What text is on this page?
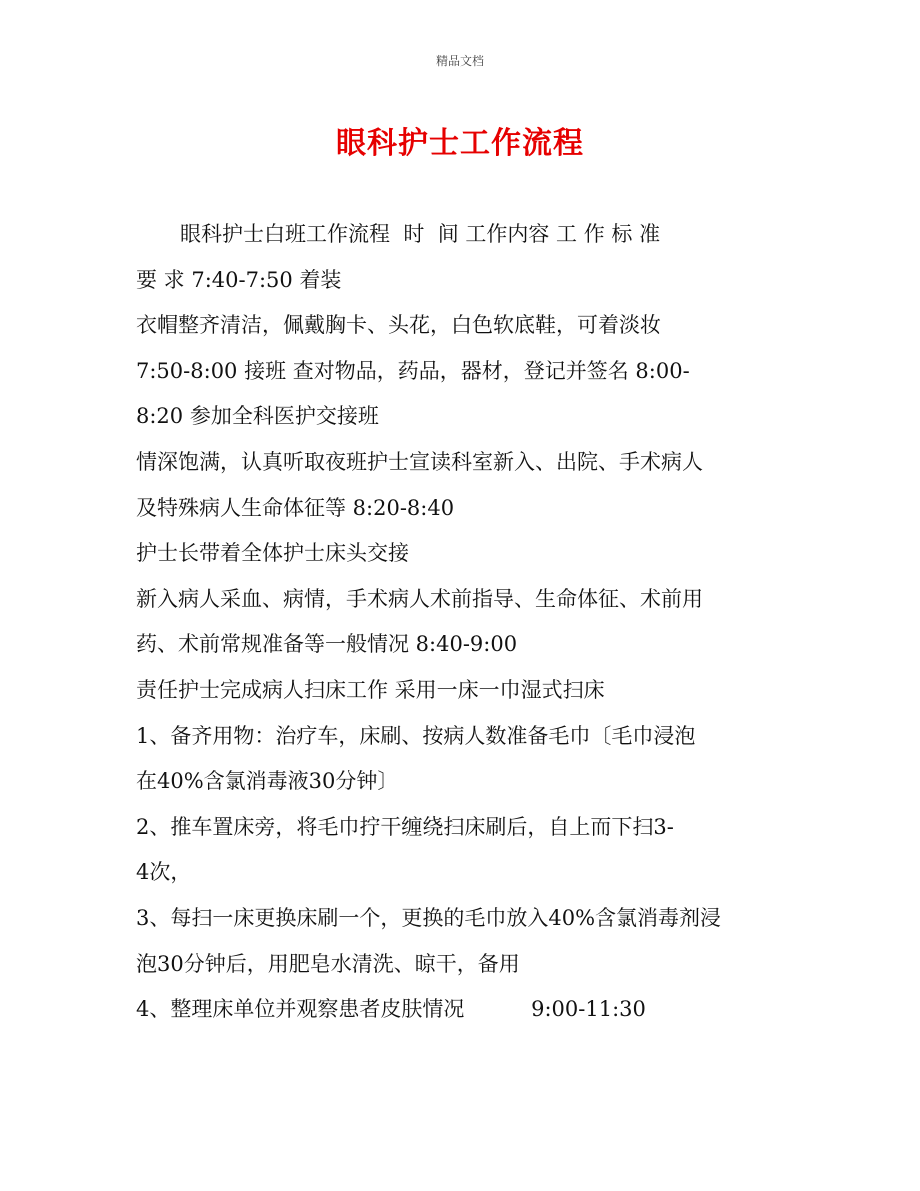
精品文档
眼科护士工作流程
眼科护士白班工作流程  时  间 工作内容 工 作 标 准
要 求 7:40-7:50 着装
衣帽整齐清洁，佩戴胸卡、头花，白色软底鞋，可着淡妆
7:50-8:00 接班 查对物品，药品，器材，登记并签名 8:00-
8:20 参加全科医护交接班
情深饱满，认真听取夜班护士宣读科室新入、出院、手术病人
及特殊病人生命体征等 8:20-8:40
护士长带着全体护士床头交接
新入病人采血、病情，手术病人术前指导、生命体征、术前用
药、术前常规准备等一般情况 8:40-9:00
责任护士完成病人扫床工作 采用一床一巾湿式扫床
1、备齐用物：治疗车，床刷、按病人数准备毛巾〔毛巾浸泡
在40%含氯消毒液30分钟〕
2、推车置床旁，将毛巾拧干缠绕扫床刷后，自上而下扫3-
4次，
3、每扫一床更换床刷一个，更换的毛巾放入40%含氯消毒剂浸
泡30分钟后，用肥皂水清洗、晾干，备用
4、整理床单位并观察患者皮肤情况          9:00-11:30
